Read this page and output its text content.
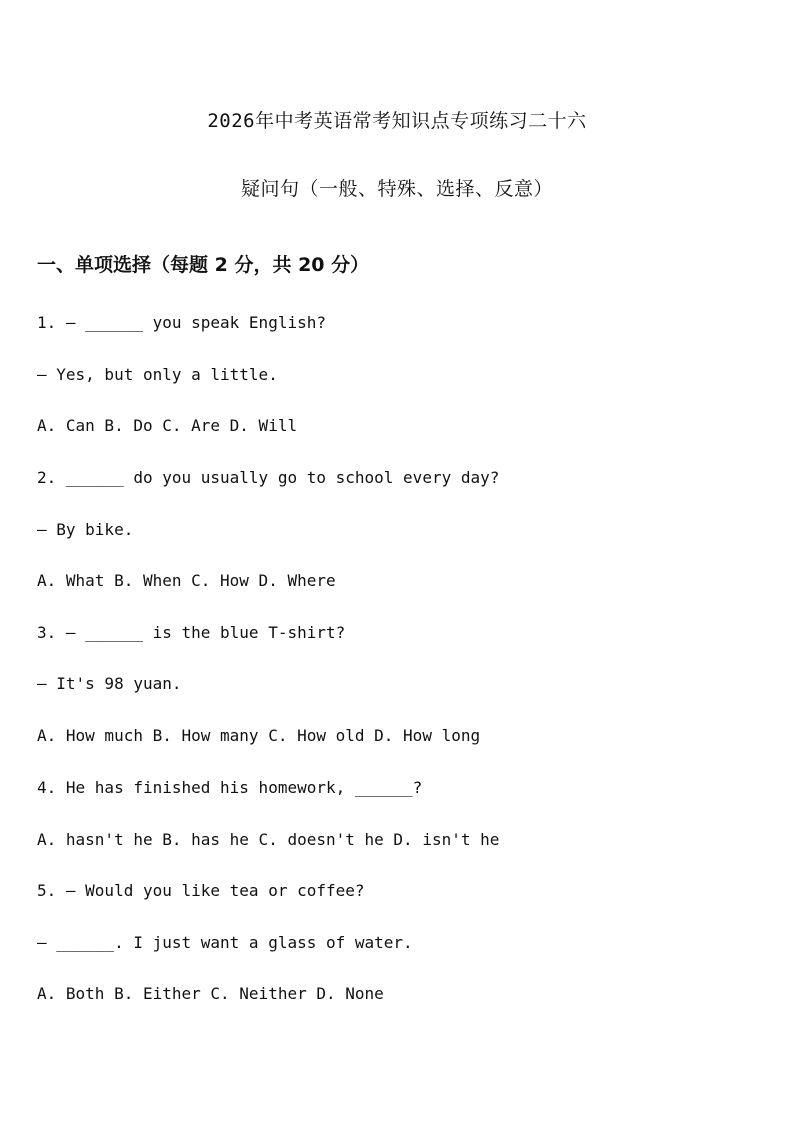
2026年中考英语常考知识点专项练习二十六
疑问句（一般、特殊、选择、反意）
一、单项选择（每题 2 分，共 20 分）
1. — ______ you speak English?
— Yes, but only a little.
A. Can B. Do C. Are D. Will
2. ______ do you usually go to school every day?
— By bike.
A. What B. When C. How D. Where
3. — ______ is the blue T-shirt?
— It's 98 yuan.
A. How much B. How many C. How old D. How long
4. He has finished his homework, ______?
A. hasn't he B. has he C. doesn't he D. isn't he
5. — Would you like tea or coffee?
— ______. I just want a glass of water.
A. Both B. Either C. Neither D. None
